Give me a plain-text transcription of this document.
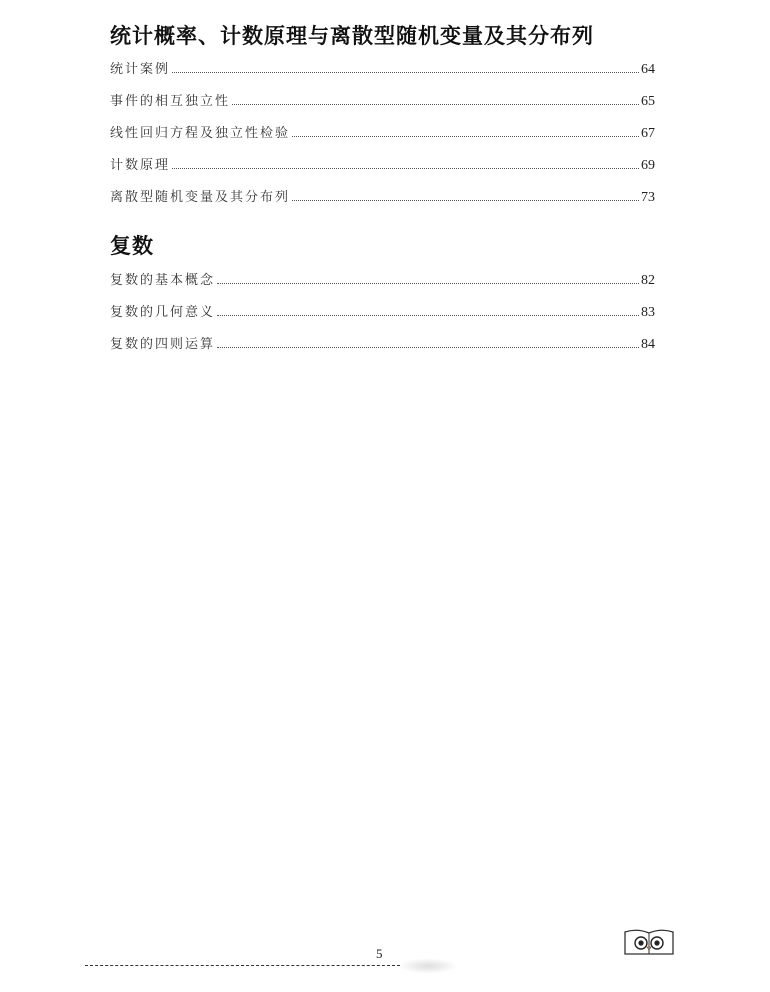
统计概率、计数原理与离散型随机变量及其分布列
统计案例	64
事件的相互独立性	65
线性回归方程及独立性检验	67
计数原理	69
离散型随机变量及其分布列	73
复数
复数的基本概念	82
复数的几何意义	83
复数的四则运算	84
5
